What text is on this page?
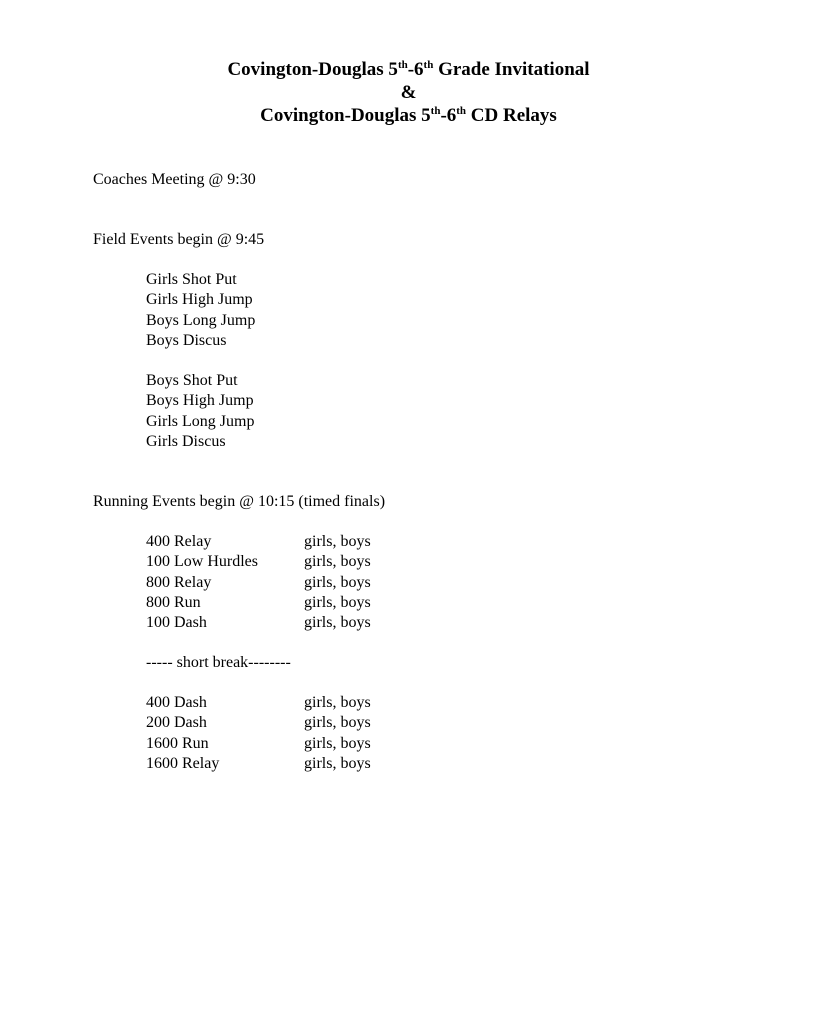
Covington-Douglas 5th-6th Grade Invitational

&

Covington-Douglas 5th-6th CD Relays

Coaches Meeting @ 9:30

Field Events begin @ 9:45

Girls Shot Put
Girls High Jump
Boys Long Jump
Boys Discus
Boys Shot Put
Boys High Jump
Girls Long Jump
Girls Discus

Running Events begin @ 10:15 (timed finals)

400 Relay	girls, boys
100 Low Hurdles	girls, boys
800 Relay	girls, boys
800 Run	girls, boys
100 Dash	girls, boys

----- short break--------

400 Dash	girls, boys
200 Dash	girls, boys
1600 Run	girls, boys
1600 Relay	girls, boys
